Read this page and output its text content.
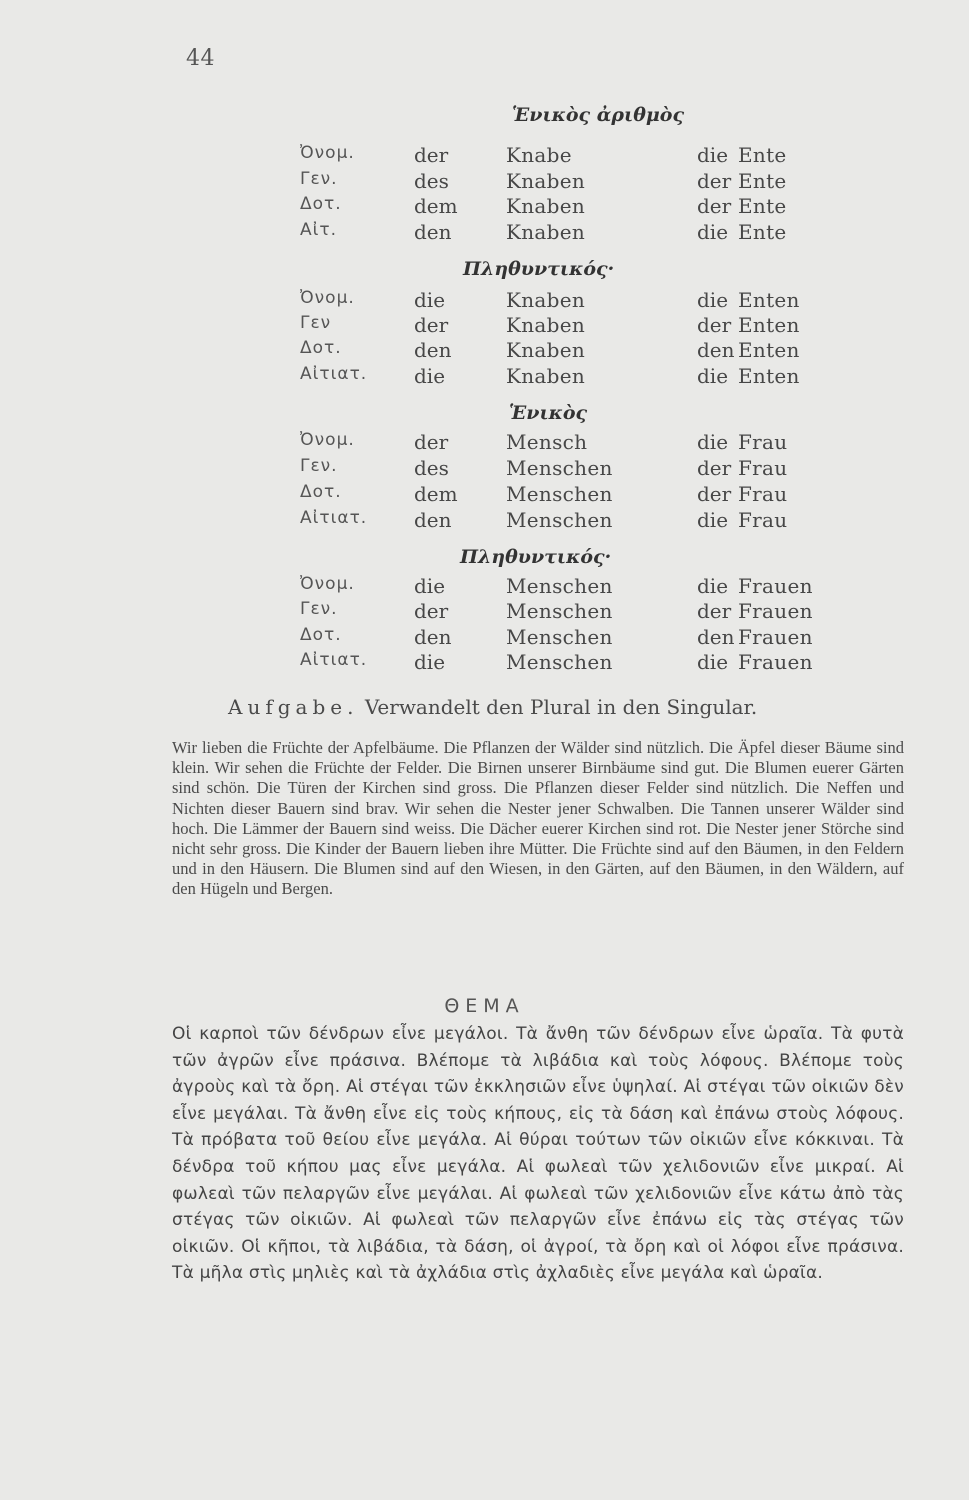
44
Ἑνικὸς ἀριθμὸς
Ὀνομ.	der	Knabe	die Ente
Γεν.	des	Knaben	der Ente
Δοτ.	dem Knaben	der Ente
Αἰτ.	den	Knaben	die Ente
Πληθυντικός·
Ὀνομ.	die	Knaben	die Enten
Γεν	der	Knaben	der Enten
Δοτ.	den	Knaben	den Enten
Αἰτιατ. die	Knaben	die Enten
Ἑνικὸς
Ὀνομ.	der	Mensch	die Frau
Γεν.	des	Menschen	der Frau
Δοτ.	dem Menschen	der Frau
Αἰτιατ. den	Menschen	die Frau
Πληθυντικός·
Ὀνομ.	die	Menschen	die Frauen
Γεν.	der	Menschen	der Frauen
Δοτ.	den	Menschen	den Frauen
Αἰτιατ. die	Menschen	die Frauen
Aufgabe. Verwandelt den Plural in den Singular.
Wir lieben die Früchte der Apfelbäume. Die Pflanzen der Wälder sind nützlich. Die Äpfel dieser Bäume sind klein. Wir sehen die Früchte der Felder. Die Birnen unserer Birnbäume sind gut. Die Blumen euerer Gärten sind schön. Die Türen der Kirchen sind gross. Die Pflanzen dieser Felder sind nützlich. Die Neffen und Nichten dieser Bauern sind brav. Wir sehen die Nester jener Schwalben. Die Tannen unserer Wälder sind hoch. Die Lämmer der Bauern sind weiss. Die Dächer euerer Kirchen sind rot. Die Nester jener Störche sind nicht sehr gross. Die Kinder der Bauern lieben ihre Mütter. Die Früchte sind auf den Bäumen, in den Feldern und in den Häusern. Die Blumen sind auf den Wiesen, in den Gärten, auf den Bäumen, in den Wäldern, auf den Hügeln und Bergen.
ΘΕΜΑ
Οἱ καρποὶ τῶν δένδρων εἶνε μεγάλοι. Τὰ ἄνθη τῶν δένδρων εἶνε ὡραῖα. Τὰ φυτὰ τῶν ἀγρῶν εἶνε πράσινα. Βλέπομε τὰ λιβάδια καὶ τοὺς λόφους. Βλέπομε τοὺς ἀγροὺς καὶ τὰ ὄρη. Αἱ στέγαι τῶν ἐκκλησιῶν εἶνε ὑψηλαί. Αἱ στέγαι τῶν οἰκιῶν δὲν εἶνε μεγάλαι. Τὰ ἄνθη εἶνε εἰς τοὺς κήπους, εἰς τὰ δάση καὶ ἐπάνω στοὺς λόφους. Τὰ πρόβατα τοῦ θείου εἶνε μεγάλα. Αἱ θύραι τούτων τῶν οἰκιῶν εἶνε κόκκιναι. Τὰ δένδρα τοῦ κήπου μας εἶνε μεγάλα. Αἱ φωλεαὶ τῶν χελιδονιῶν εἶνε μικραί. Αἱ φωλεαὶ τῶν πελαργῶν εἶνε μεγάλαι. Αἱ φωλεαὶ τῶν χελιδονιῶν εἶνε κάτω ἀπὸ τὰς στέγας τῶν οἰκιῶν. Αἱ φωλεαὶ τῶν πελαργῶν εἶνε ἐπάνω εἰς τὰς στέγας τῶν οἰκιῶν. Οἱ κῆποι, τὰ λιβάδια, τὰ δάση, οἱ ἀγροί, τὰ ὄρη καὶ οἱ λόφοι εἶνε πράσινα. Τὰ μῆλα στὶς μηλιὲς καὶ τὰ ἀχλάδια στὶς ἀχλαδιὲς εἶνε μεγάλα καὶ ὡραῖα.
